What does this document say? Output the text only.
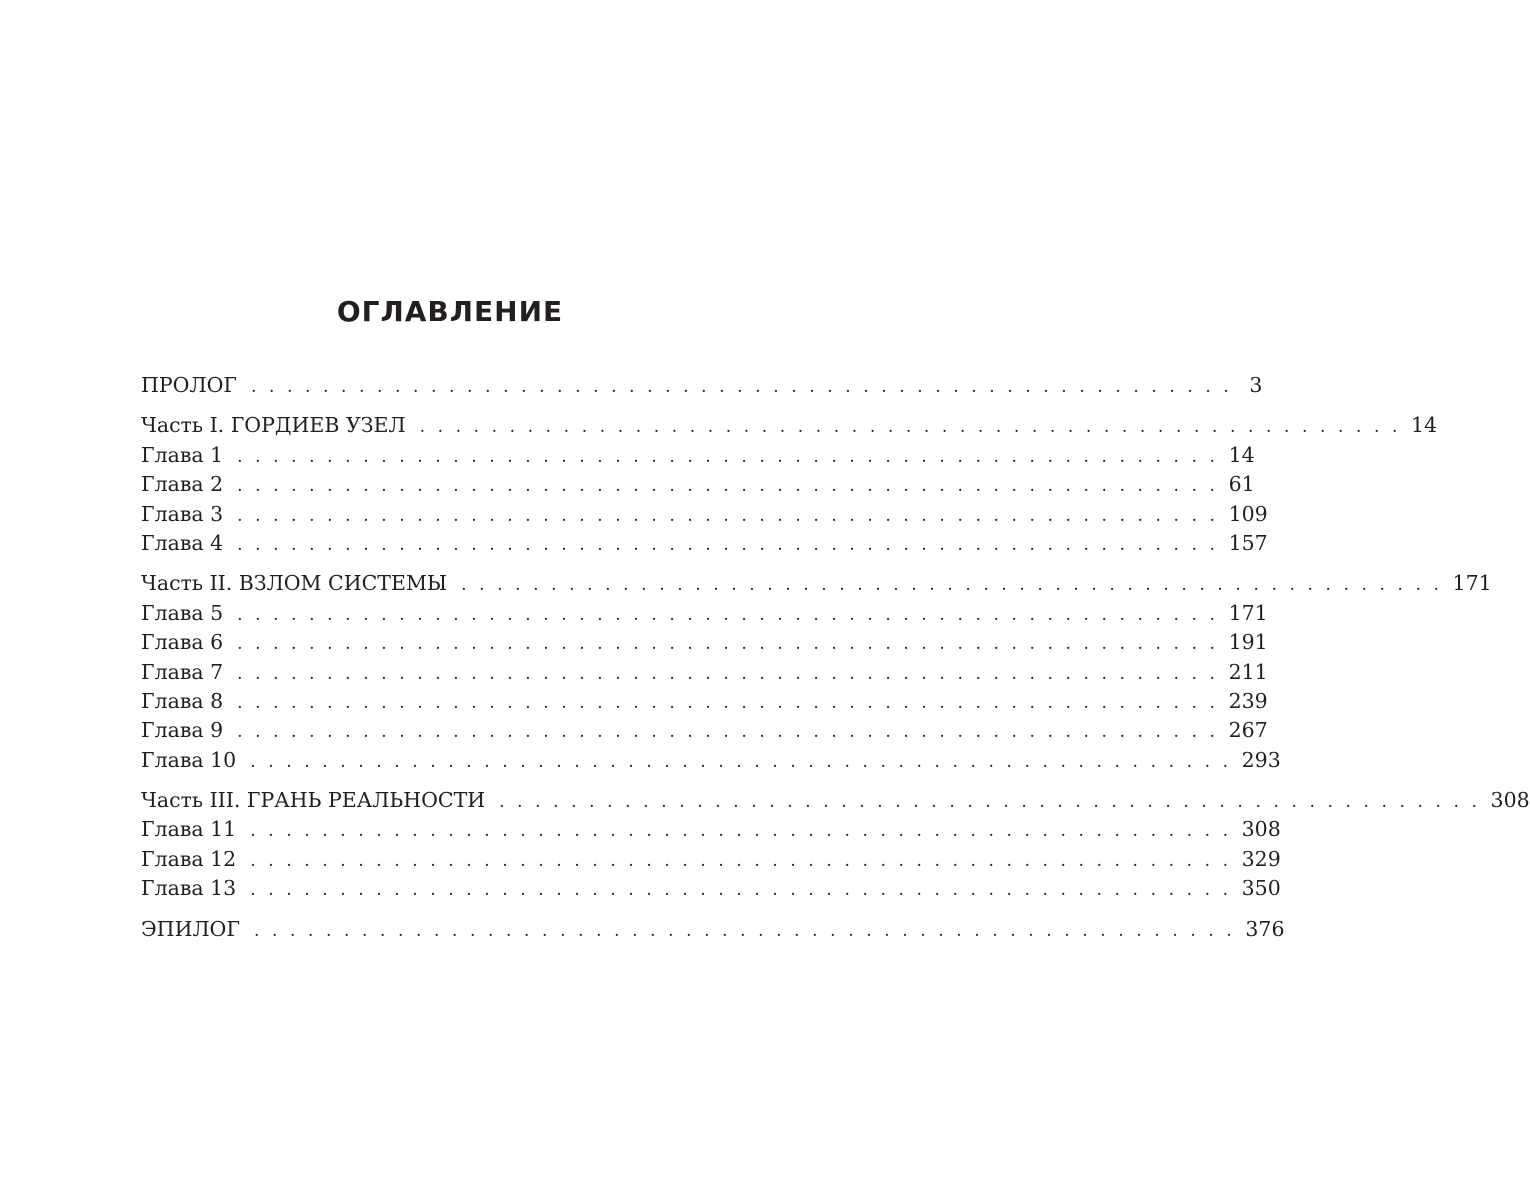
ОГЛАВЛЕНИЕ
ПРОЛОГ . . . . . . . . . . . . . . . . . . . . . . . . . . . . . . . . . . . . . . . . . . . . . . . . . . . . . . . 3
Часть I. ГОРДИЕВ УЗЕЛ . . . . . . . . . . . . . . . . . . . . . . . . . . . . . . . . . . . . . . . . . . . . . . . . . . . . . . . 14
Глава 1 . . . . . . . . . . . . . . . . . . . . . . . . . . . . . . . . . . . . . . . . . . . . . . . . . . . . . . . 14
Глава 2 . . . . . . . . . . . . . . . . . . . . . . . . . . . . . . . . . . . . . . . . . . . . . . . . . . . . . . . 61
Глава 3 . . . . . . . . . . . . . . . . . . . . . . . . . . . . . . . . . . . . . . . . . . . . . . . . . . . . . . . 109
Глава 4 . . . . . . . . . . . . . . . . . . . . . . . . . . . . . . . . . . . . . . . . . . . . . . . . . . . . . . . 157
Часть II. ВЗЛОМ СИСТЕМЫ . . . . . . . . . . . . . . . . . . . . . . . . . . . . . . . . . . . . . . . . . . . . . . . . . . . . . . . 171
Глава 5 . . . . . . . . . . . . . . . . . . . . . . . . . . . . . . . . . . . . . . . . . . . . . . . . . . . . . . . 171
Глава 6 . . . . . . . . . . . . . . . . . . . . . . . . . . . . . . . . . . . . . . . . . . . . . . . . . . . . . . . 191
Глава 7 . . . . . . . . . . . . . . . . . . . . . . . . . . . . . . . . . . . . . . . . . . . . . . . . . . . . . . . 211
Глава 8 . . . . . . . . . . . . . . . . . . . . . . . . . . . . . . . . . . . . . . . . . . . . . . . . . . . . . . . 239
Глава 9 . . . . . . . . . . . . . . . . . . . . . . . . . . . . . . . . . . . . . . . . . . . . . . . . . . . . . . . 267
Глава 10 . . . . . . . . . . . . . . . . . . . . . . . . . . . . . . . . . . . . . . . . . . . . . . . . . . . . . . . 293
Часть III. ГРАНЬ РЕАЛЬНОСТИ . . . . . . . . . . . . . . . . . . . . . . . . . . . . . . . . . . . . . . . . . . . . . . . . . . . . . . . 308
Глава 11 . . . . . . . . . . . . . . . . . . . . . . . . . . . . . . . . . . . . . . . . . . . . . . . . . . . . . . . 308
Глава 12 . . . . . . . . . . . . . . . . . . . . . . . . . . . . . . . . . . . . . . . . . . . . . . . . . . . . . . . 329
Глава 13 . . . . . . . . . . . . . . . . . . . . . . . . . . . . . . . . . . . . . . . . . . . . . . . . . . . . . . . 350
ЭПИЛОГ . . . . . . . . . . . . . . . . . . . . . . . . . . . . . . . . . . . . . . . . . . . . . . . . . . . . . . . 376
